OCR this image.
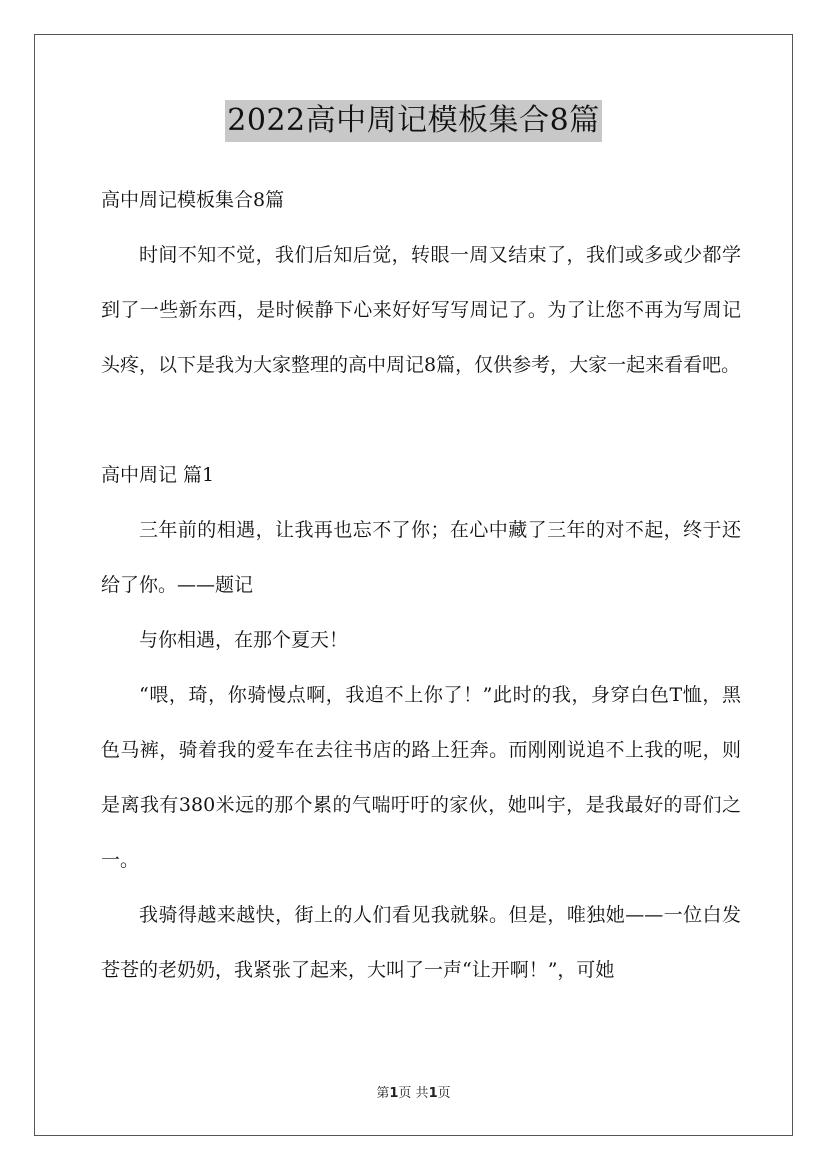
2022高中周记模板集合8篇

高中周记模板集合8篇

时间不知不觉，我们后知后觉，转眼一周又结束了，我们或多或少都学到了一些新东西，是时候静下心来好好写写周记了。为了让您不再为写周记头疼，以下是我为大家整理的高中周记8篇，仅供参考，大家一起来看看吧。

高中周记 篇1

三年前的相遇，让我再也忘不了你；在心中藏了三年的对不起，终于还给了你。——题记

与你相遇，在那个夏天！

“喂，琦，你骑慢点啊，我追不上你了！”此时的我，身穿白色T恤，黑色马裤，骑着我的爱车在去往书店的路上狂奔。而刚刚说追不上我的呢，则是离我有380米远的那个累的气喘吁吁的家伙，她叫宇，是我最好的哥们之一。

我骑得越来越快，街上的人们看见我就躲。但是，唯独她——一位白发苍苍的老奶奶，我紧张了起来，大叫了一声“让开啊！”，可她

第1页 共1页
